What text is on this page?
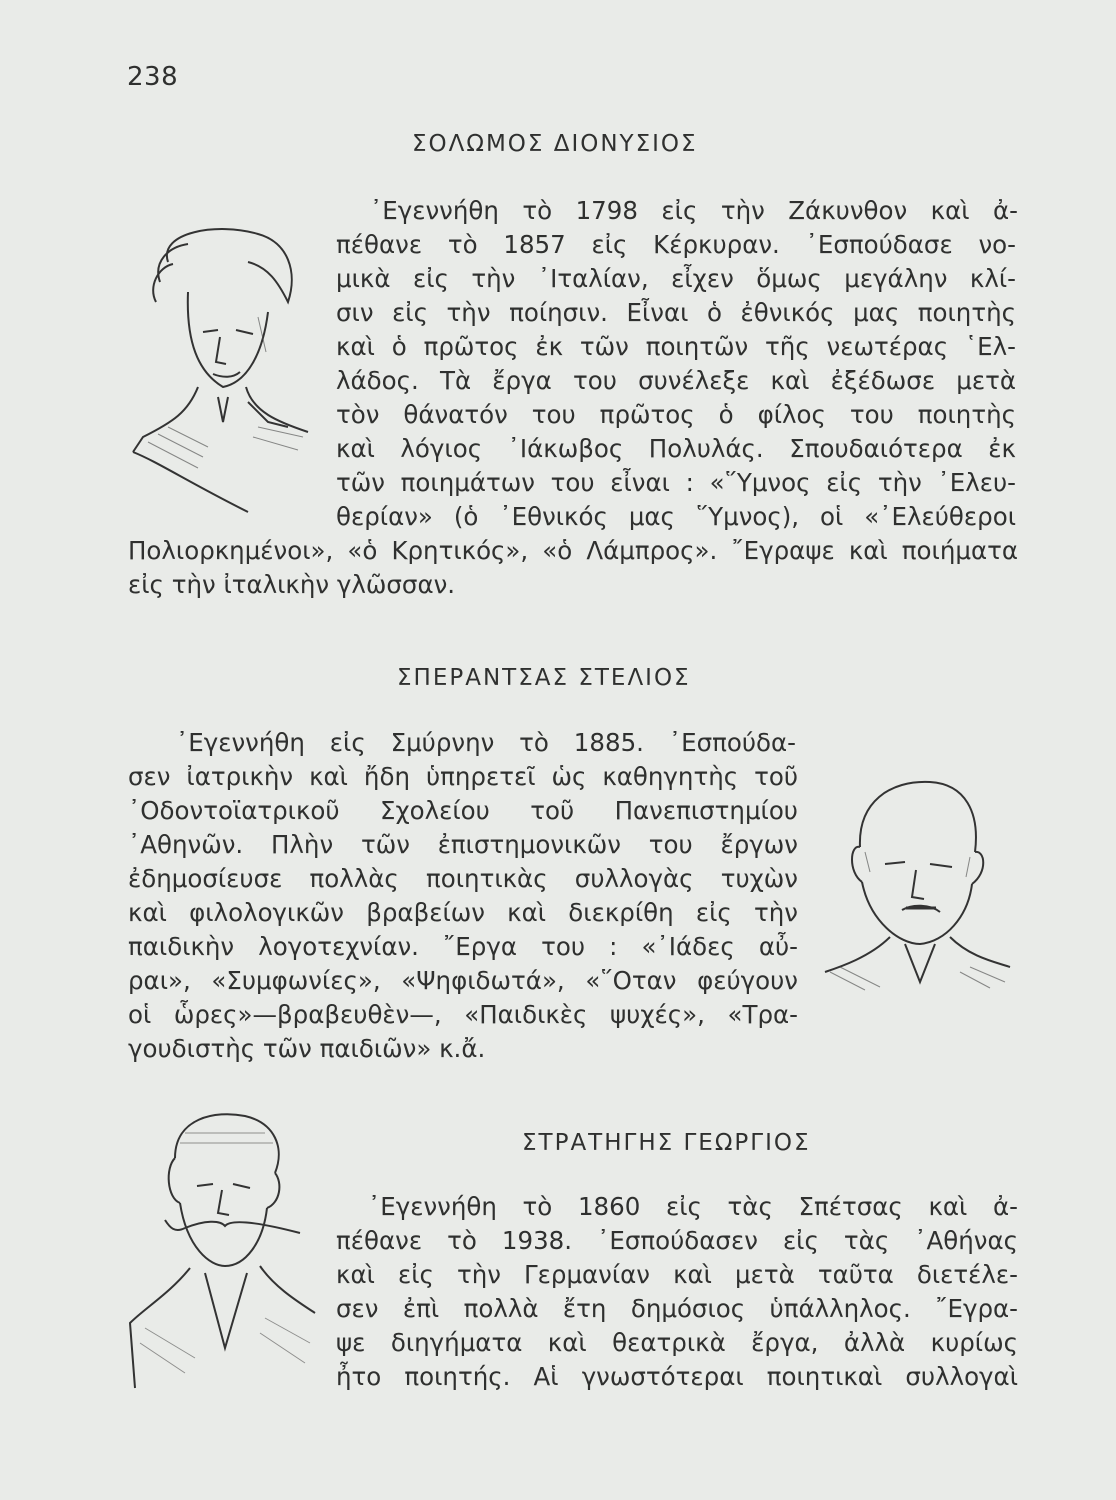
238
ΣΟΛΩΜΟΣ ΔΙΟΝΥΣΙΟΣ
᾿Εγεννήθη τὸ 1798 εἰς τὴν Ζάκυνθον καὶ ἀ-
πέθανε τὸ 1857 εἰς Κέρκυραν. ᾿Εσπούδασε νο-
μικὰ εἰς τὴν ᾿Ιταλίαν, εἶχεν ὅμως μεγάλην κλί-
σιν εἰς τὴν ποίησιν. Εἶναι ὁ ἐθνικός μας ποιητὴς
καὶ ὁ πρῶτος ἐκ τῶν ποιητῶν τῆς νεωτέρας ῾Ελ-
λάδος. Τὰ ἔργα του συνέλεξε καὶ ἐξέδωσε μετὰ
τὸν θάνατόν του πρῶτος ὁ φίλος του ποιητὴς
καὶ λόγιος ᾿Ιάκωβος Πολυλάς. Σπουδαιότερα ἐκ
τῶν ποιημάτων του εἶναι : «῞Υμνος εἰς τὴν ᾿Ελευ-
θερίαν» (ὁ ᾿Εθνικός μας ῞Υμνος), οἱ «᾿Ελεύθεροι
Πολιορκημένοι», «ὁ Κρητικός», «ὁ Λάμπρος». ῎Εγραψε καὶ ποιήματα
εἰς τὴν ἰταλικὴν γλῶσσαν.
ΣΠΕΡΑΝΤΣΑΣ ΣΤΕΛΙΟΣ
᾿Εγεννήθη εἰς Σμύρνην τὸ 1885. ᾿Εσπούδα-
σεν ἰατρικὴν καὶ ἤδη ὑπηρετεῖ ὡς καθηγητὴς τοῦ
᾿Οδοντοϊατρικοῦ Σχολείου τοῦ Πανεπιστημίου
᾿Αθηνῶν. Πλὴν τῶν ἐπιστημονικῶν του ἔργων
ἐδημοσίευσε πολλὰς ποιητικὰς συλλογὰς τυχὼν
καὶ φιλολογικῶν βραβείων καὶ διεκρίθη εἰς τὴν
παιδικὴν λογοτεχνίαν. ῎Εργα του : «᾿Ιάδες αὖ-
ραι», «Συμφωνίες», «Ψηφιδωτά», «῞Οταν φεύγουν
οἱ ὧρες»—βραβευθὲν—, «Παιδικὲς ψυχές», «Τρα-
γουδιστὴς τῶν παιδιῶν» κ.ἄ.
ΣΤΡΑΤΗΓΗΣ ΓΕΩΡΓΙΟΣ
᾿Εγεννήθη τὸ 1860 εἰς τὰς Σπέτσας καὶ ἀ-
πέθανε τὸ 1938. ᾿Εσπούδασεν εἰς τὰς ᾿Αθήνας
καὶ εἰς τὴν Γερμανίαν καὶ μετὰ ταῦτα διετέλε-
σεν ἐπὶ πολλὰ ἔτη δημόσιος ὑπάλληλος. ῎Εγρα-
ψε διηγήματα καὶ θεατρικὰ ἔργα, ἀλλὰ κυρίως
ἦτο ποιητής. Αἱ γνωστότεραι ποιητικαὶ συλλογαὶ
